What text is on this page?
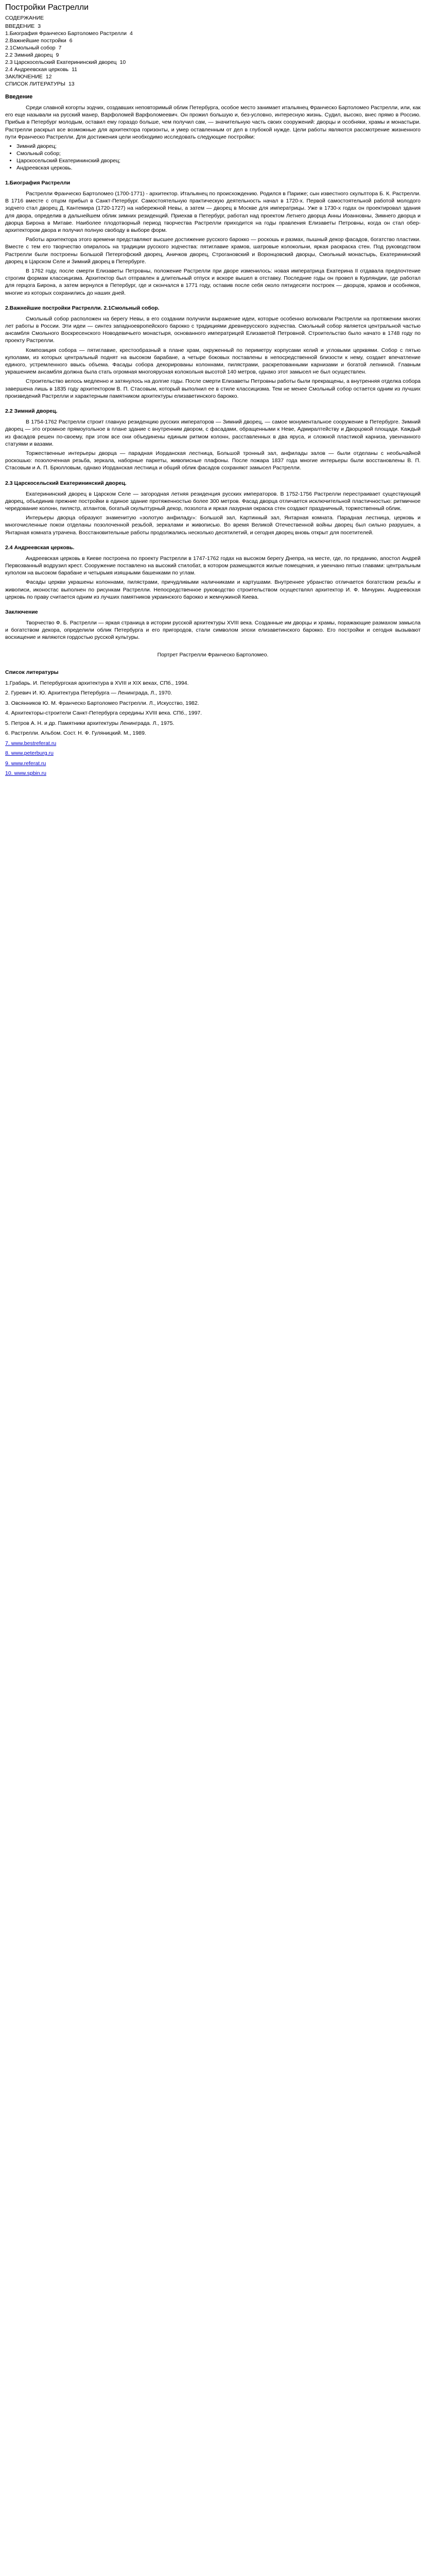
Постройки Растрелли
СОДЕРЖАНИЕ
ВВЕДЕНИЕ 3
1.Биография Франческо Бартоломео Растрелли 4
2.Важнейшие постройки 6
2.1Смольный собор 7
2.2 Зимний дворец 9
2.3 Царскосельский Екатерининский дворец 10
2.4 Андреевская церковь 11
ЗАКЛЮЧЕНИЕ 12
СПИСОК ЛИТЕРАТУРЫ 13
Введение

Среди славной когорты зодчих, создавших неповторимый облик Петербурга, особое место занимает итальянец Франческо Бартоломео Растрелли, или, как его еще называли на русский манер, Варфоломей Варфоломеевич. Он прожил большую и, без-условно, интересную жизнь. Судил, высоко, внес прямо в Россию. Прибыв в Петербург молодым, оставил ему гораздо больше, чем получил сам, — значительную часть своих сооружений: дворцы и особняки, храмы и монастыри. Растрелли раскрыл все возможные для архитектора горизонты, и умер оставленным от дел в глубокой нужде. Цели работы являются рассмотрение жизненного пути Франческо Растрелли. Для достижения цели необходимо исследовать следующие постройки:

• Зимний дворец;
• Смольный собор;
• Царскосельский Екатерининский дворец;
• Андреевская церковь.
1.Биография Растрелли

Растрелли Франческо Бартоломео (1700-1771) - архитектор. Итальянец по происхождению. Родился в Париже; сын известного скульптора Б. К. Растрелли. В 1716 вместе с отцом прибыл в Санкт-Петербург. Самостоятельную практическую деятельность начал в 1720-х. Первой самостоятельной работой молодого зодчего стал дворец Д. Кантемира (1720-1727) на набережной Невы, а затем — дворец в Москве для императрицы. Уже в 1730-х годах он проектировал здания для двора, определив в дальнейшем облик зимних резиденций. Приехав в Петербург, работал над проектом Летнего дворца Анны Иоанновны, Зимнего дворца и дворца Бирона в Митаве. Наиболее плодотворный период творчества Растрелли приходится на годы правления Елизаветы Петровны, когда он стал обер-архитектором двора и получил полную свободу в выборе форм.

Работы архитектора этого времени представляют высшее достижение русского барокко — роскошь и размах, пышный декор фасадов, богатство пластики. Вместе с тем его творчество опиралось на традиции русского зодчества: пятиглавие храмов, шатровые колокольни, яркая раскраска стен. Под руководством Растрелли были построены Большой Петергофский дворец, Аничков дворец, Строгановский и Воронцовский дворцы, Смольный монастырь, Екатерининский дворец в Царском Селе и Зимний дворец в Петербурге.

В 1762 году, после смерти Елизаветы Петровны, положение Растрелли при дворе изменилось: новая императрица Екатерина II отдавала предпочтение строгим формам классицизма. Архитектор был отправлен в длительный отпуск и вскоре вышел в отставку. Последние годы он провел в Курляндии, где работал для герцога Бирона, а затем вернулся в Петербург, где и скончался в 1771 году, оставив после себя около пятидесяти построек — дворцов, храмов и особняков, многие из которых сохранились до наших дней.

2.Важнейшие постройки Растрелли. 2.1Смольный собор.

Смольный собор расположен на берегу Невы, в его создании получили выражение идеи, которые особенно волновали Растрелли на протяжении многих лет работы в России. Эти идеи — синтез западноевропейского барокко с традициями древнерусского зодчества. Смольный собор является центральной частью ансамбля Смольного Воскресенского Новодевичьего монастыря, основанного императрицей Елизаветой Петровной. Строительство было начато в 1748 году по проекту Растрелли.

Композиция собора — пятиглавие, крестообразный в плане храм, окруженный по периметру корпусами келий и угловыми церквями. Собор с пятью куполами, из которых центральный поднят на высоком барабане, а четыре боковых поставлены в непосредственной близости к нему, создает впечатление единого, устремленного ввысь объема. Фасады собора декорированы колоннами, пилястрами, раскрепованными карнизами и богатой лепниной. Главным украшением ансамбля должна была стать огромная многоярусная колокольня высотой 140 метров, однако этот замысел не был осуществлен.

Строительство велось медленно и затянулось на долгие годы. После смерти Елизаветы Петровны работы были прекращены, а внутренняя отделка собора завершена лишь в 1835 году архитектором В. П. Стасовым, который выполнил ее в стиле классицизма. Тем не менее Смольный собор остается одним из лучших произведений Растрелли и характерным памятником архитектуры елизаветинского барокко.

2.2 Зимний дворец.

В 1754-1762 Растрелли строит главную резиденцию русских императоров — Зимний дворец, — самое монументальное сооружение в Петербурге. Зимний дворец — это огромное прямоугольное в плане здание с внутренним двором, с фасадами, обращенными к Неве, Адмиралтейству и Дворцовой площади. Каждый из фасадов решен по-своему, при этом все они объединены единым ритмом колонн, расставленных в два яруса, и сложной пластикой карниза, увенчанного статуями и вазами.

Торжественные интерьеры дворца — парадная Иорданская лестница, Большой тронный зал, анфилады залов — были отделаны с необычайной роскошью: позолоченная резьба, зеркала, наборные паркеты, живописные плафоны. После пожара 1837 года многие интерьеры были восстановлены В. П. Стасовым и А. П. Брюлловым, однако Иорданская лестница и общий облик фасадов сохраняют замысел Растрелли.

2.3 Царскосельский Екатерининский дворец.

Екатерининский дворец в Царском Селе — загородная летняя резиденция русских императоров. В 1752-1756 Растрелли перестраивает существующий дворец, объединив прежние постройки в единое здание протяженностью более 300 метров. Фасад дворца отличается исключительной пластичностью: ритмичное чередование колонн, пилястр, атлантов, богатый скульптурный декор, позолота и яркая лазурная окраска стен создают праздничный, торжественный облик.

Интерьеры дворца образуют знаменитую «золотую анфиладу»: Большой зал, Картинный зал, Янтарная комната. Парадная лестница, церковь и многочисленные покои отделаны позолоченной резьбой, зеркалами и живописью. Во время Великой Отечественной войны дворец был сильно разрушен, а Янтарная комната утрачена. Восстановительные работы продолжались несколько десятилетий, и сегодня дворец вновь открыт для посетителей.

2.4 Андреевская церковь.

Андреевская церковь в Киеве построена по проекту Растрелли в 1747-1762 годах на высоком берегу Днепра, на месте, где, по преданию, апостол Андрей Первозванный водрузил крест. Сооружение поставлено на высокий стилобат, в котором размещаются жилые помещения, и увенчано пятью главами: центральным куполом на высоком барабане и четырьмя изящными башенками по углам.

Фасады церкви украшены колоннами, пилястрами, причудливыми наличниками и картушами. Внутреннее убранство отличается богатством резьбы и живописи, иконостас выполнен по рисункам Растрелли. Непосредственное руководство строительством осуществлял архитектор И. Ф. Мичурин. Андреевская церковь по праву считается одним из лучших памятников украинского барокко и жемчужиной Киева.

Заключение

Творчество Ф. Б. Растрелли — яркая страница в истории русской архитектуры XVIII века. Созданные им дворцы и храмы, поражающие размахом замысла и богатством декора, определили облик Петербурга и его пригородов, стали символом эпохи елизаветинского барокко. Его постройки и сегодня вызывают восхищение и являются гордостью русской культуры.

Портрет Растрелли Франческо Бартоломео.
Список литературы
1.Грабарь. И. Петербургская архитектура в XVIII и XIX веках, СПб., 1994.
2. Гуревич И. Ю. Архитектура Петербурга — Ленинграда, Л., 1970.
3. Овсянников Ю. М. Франческо Бартоломео Растрелли. Л., Искусство, 1982.
4. Архитекторы-строители Санкт-Петербурга середины XVIII века. СПб., 1997.
5. Петров А. Н. и др. Памятники архитектуры Ленинграда. Л., 1975.
6. Растрелли. Альбом. Сост. Н. Ф. Гуляницкий. М., 1989.
7. www.bestreferat.ru
8. www.peterburg.ru
9. www.referat.ru
10. www.spbin.ru
